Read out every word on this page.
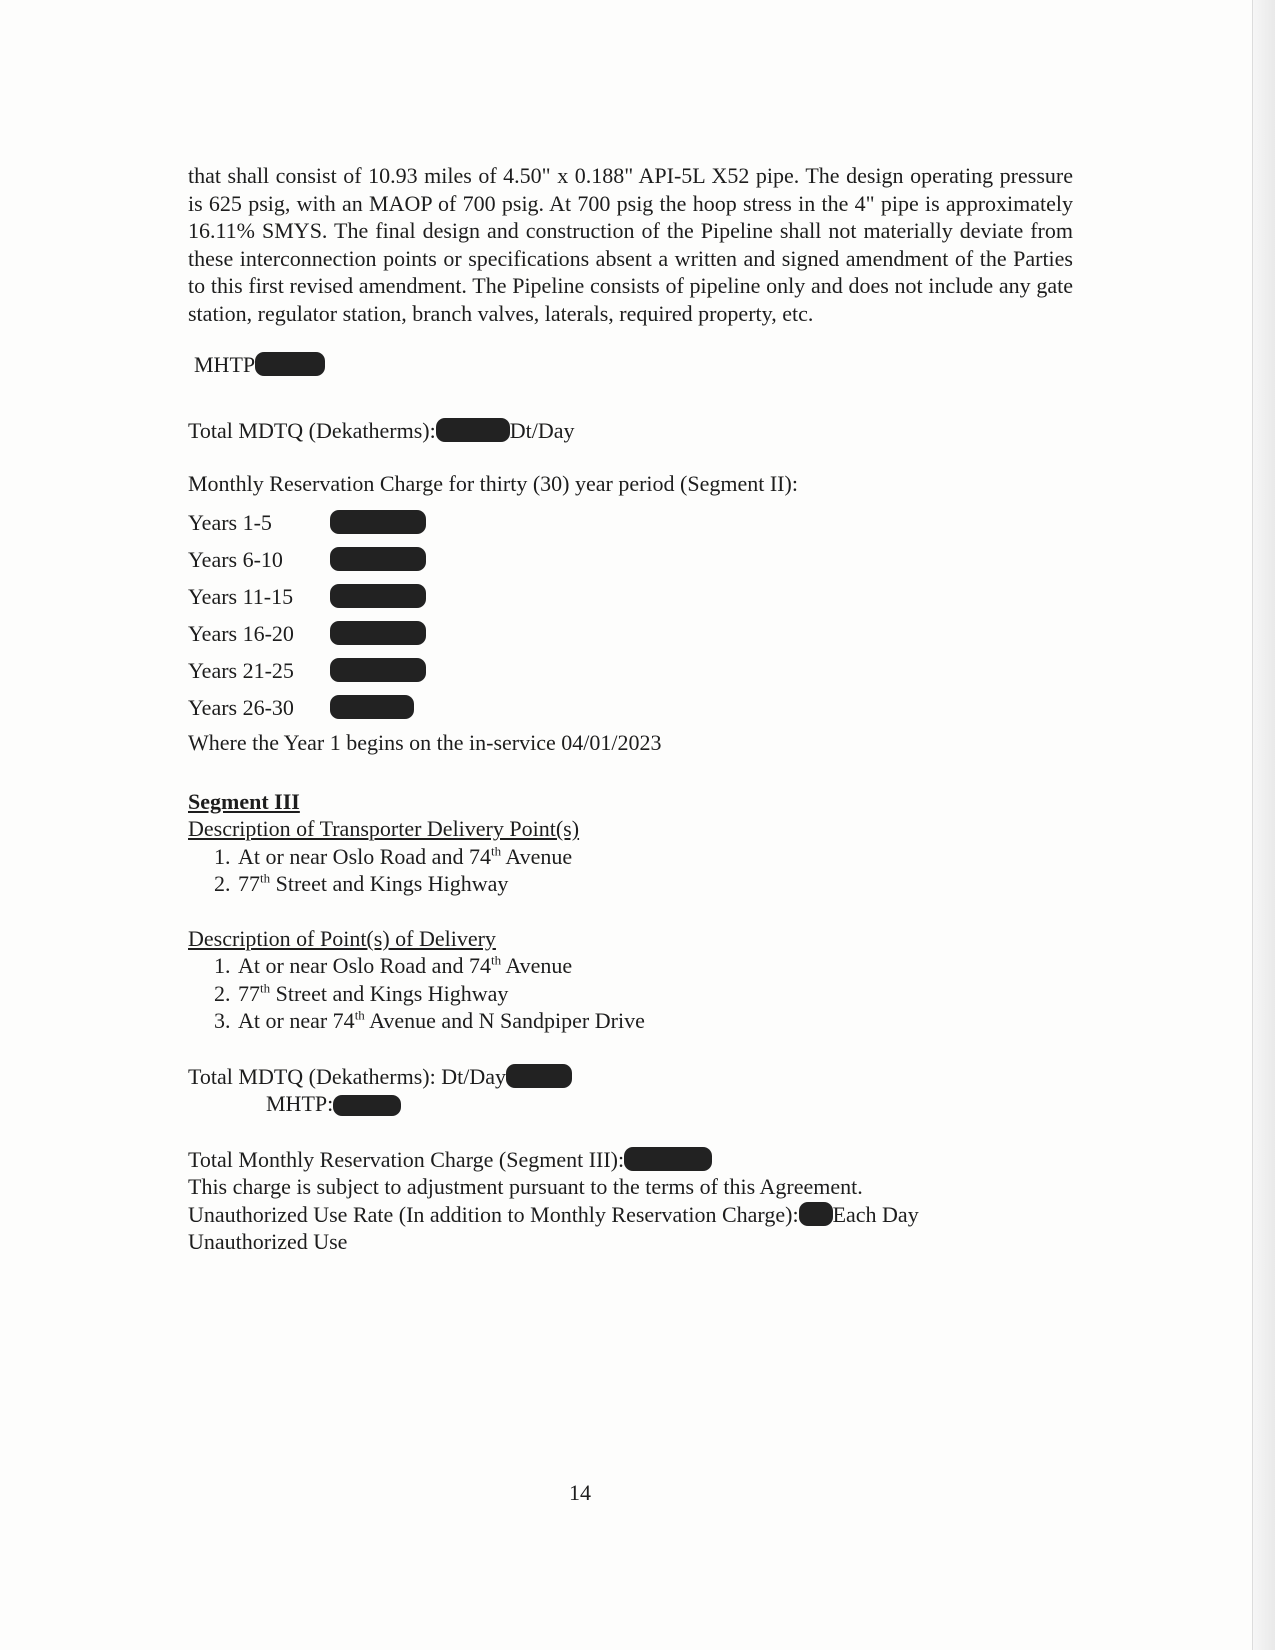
that shall consist of 10.93 miles of 4.50" x 0.188" API-5L X52 pipe. The design operating pressure is 625 psig, with an MAOP of 700 psig. At 700 psig the hoop stress in the 4" pipe is approximately 16.11% SMYS. The final design and construction of the Pipeline shall not materially deviate from these interconnection points or specifications absent a written and signed amendment of the Parties to this first revised amendment. The Pipeline consists of pipeline only and does not include any gate station, regulator station, branch valves, laterals, required property, etc.

MHTP
Total MDTQ (Dekatherms):	Dt/Day
Monthly Reservation Charge for thirty (30) year period (Segment II):
Years 1-5
Years 6-10
Years 11-15
Years 16-20
Years 21-25
Years 26-30
Where the Year 1 begins on the in-service 04/01/2023
Segment III
Description of Transporter Delivery Point(s)
1. At or near Oslo Road and 74th Avenue
2. 77th Street and Kings Highway
Description of Point(s) of Delivery
1. At or near Oslo Road and 74th Avenue
2. 77th Street and Kings Highway
3. At or near 74th Avenue and N Sandpiper Drive
Total MDTQ (Dekatherms): Dt/Day
MHTP:
Total Monthly Reservation Charge (Segment III):
This charge is subject to adjustment pursuant to the terms of this Agreement.
Unauthorized Use Rate (In addition to Monthly Reservation Charge): Each Day
Unauthorized Use
14
